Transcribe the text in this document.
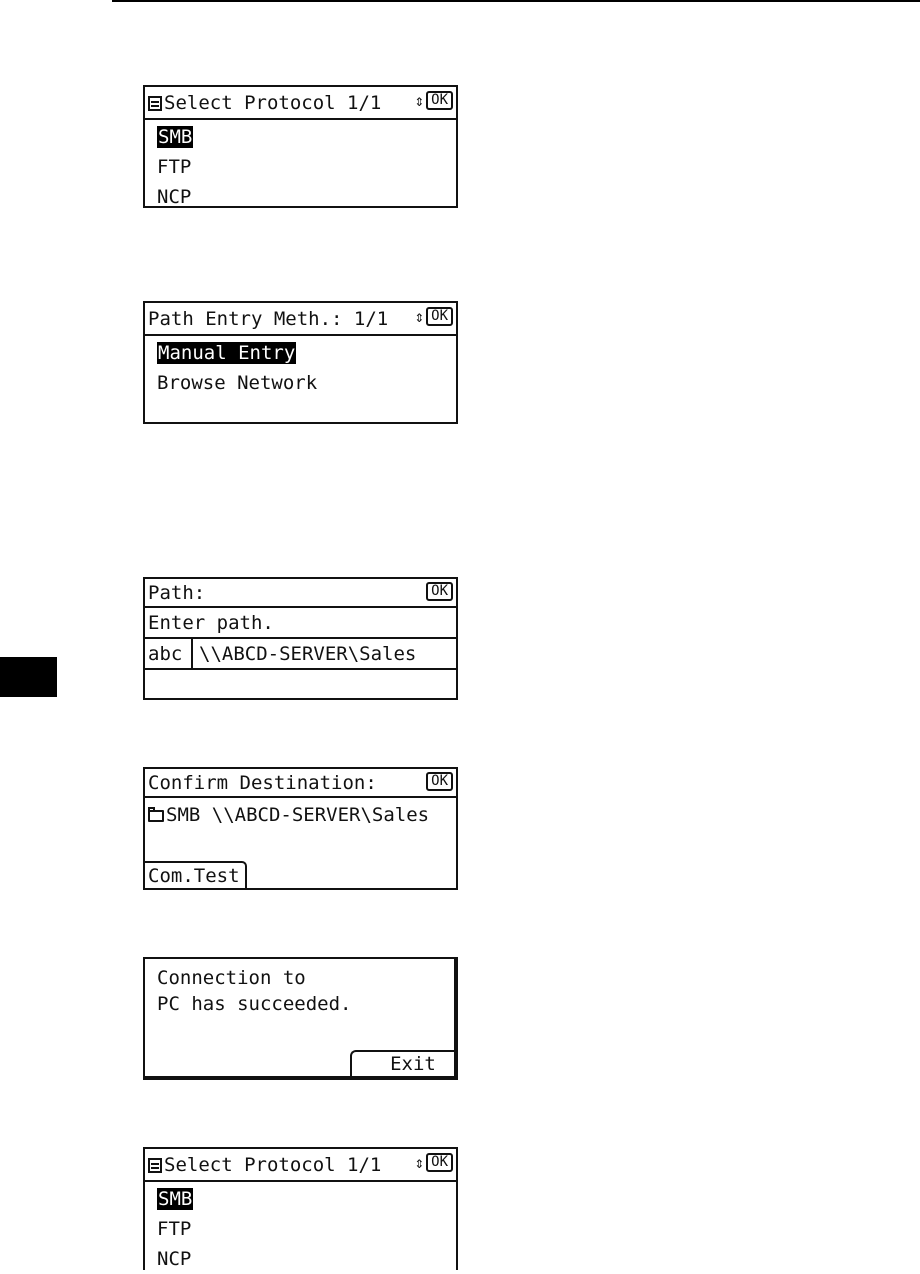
Select Protocol 1/1 ⇕ OK
SMB
FTP
NCP
Path Entry Meth.: 1/1 ⇕ OK
Manual Entry
Browse Network
Path:	OK
Enter path.
abc \\ABCD-SERVER\Sales
Confirm Destination:	OK
SMB \\ABCD-SERVER\Sales
Com.Test
Connection to
PC has succeeded.
Exit
Select Protocol 1/1 ⇕ OK
SMB
FTP
NCP
